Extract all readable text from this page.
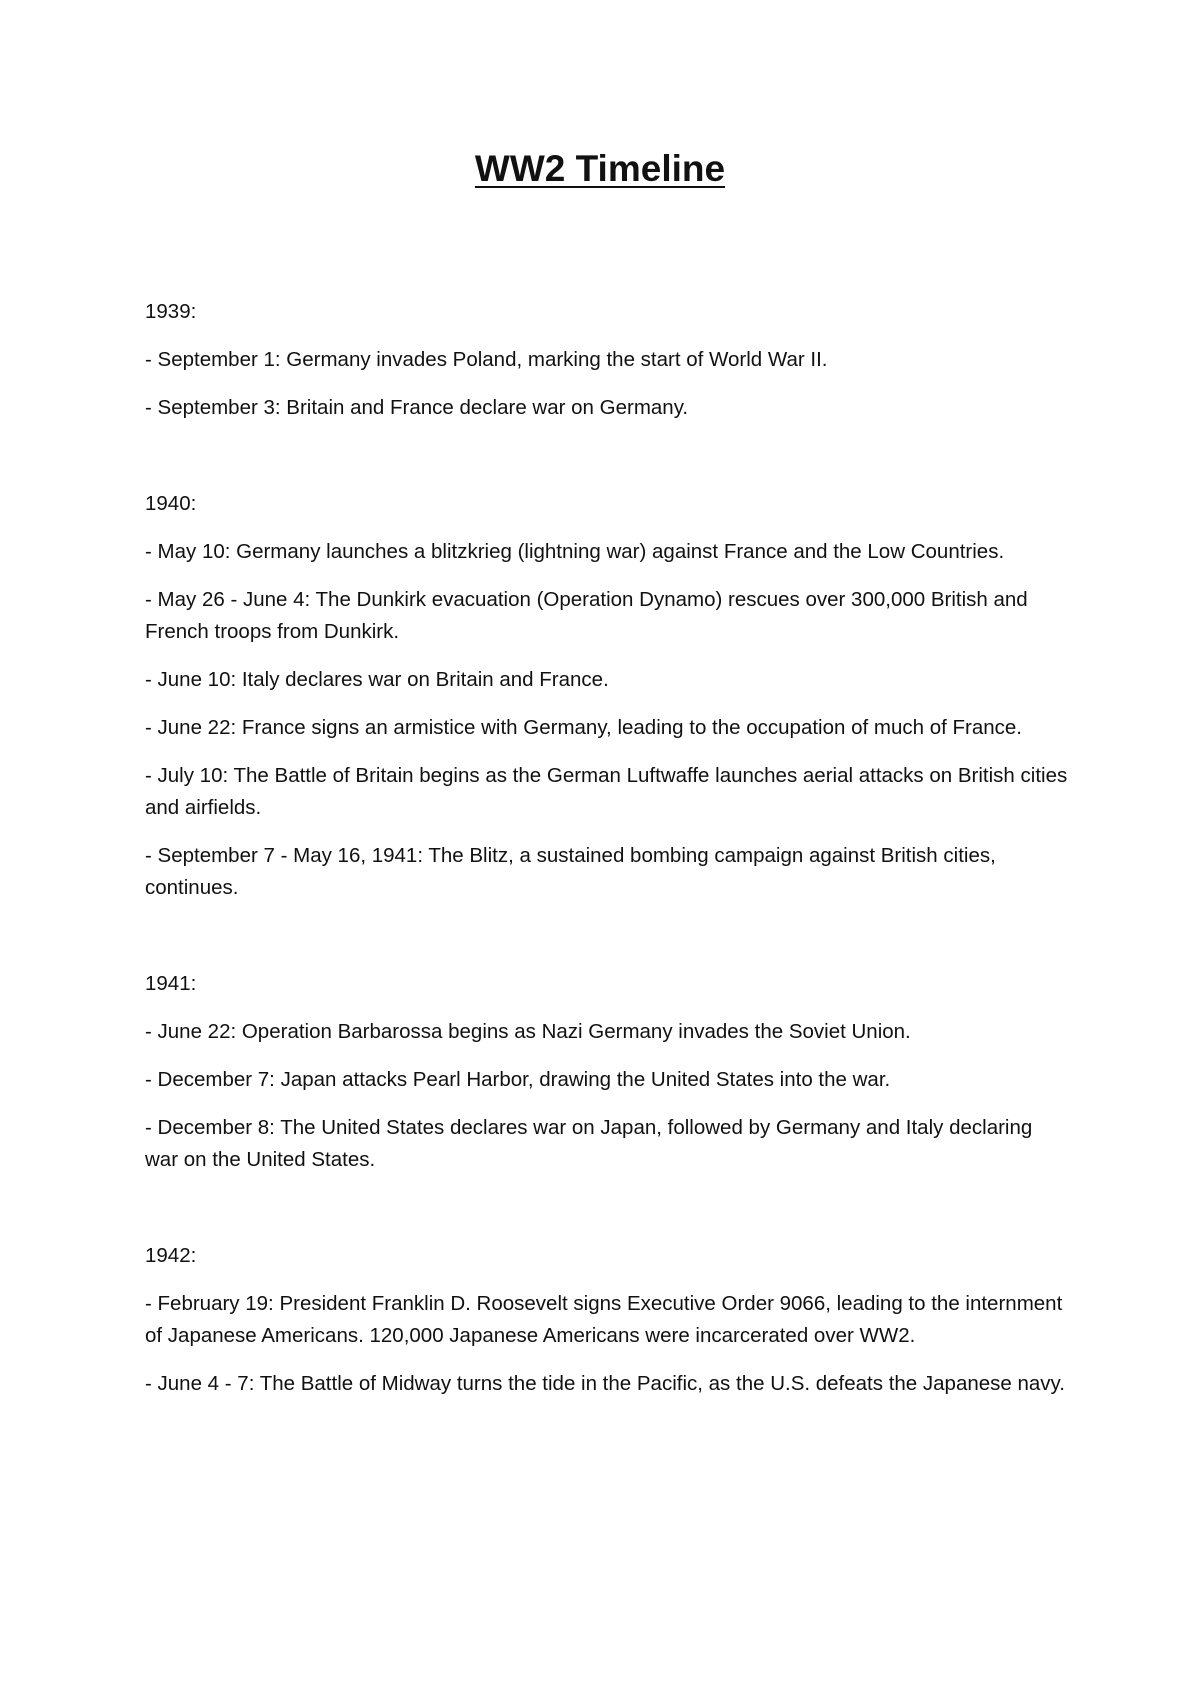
WW2 Timeline
1939:
- September 1: Germany invades Poland, marking the start of World War II.
- September 3: Britain and France declare war on Germany.
1940:
- May 10: Germany launches a blitzkrieg (lightning war) against France and the Low Countries.
- May 26 - June 4: The Dunkirk evacuation (Operation Dynamo) rescues over 300,000 British and French troops from Dunkirk.
- June 10: Italy declares war on Britain and France.
- June 22: France signs an armistice with Germany, leading to the occupation of much of France.
- July 10: The Battle of Britain begins as the German Luftwaffe launches aerial attacks on British cities and airfields.
- September 7 - May 16, 1941: The Blitz, a sustained bombing campaign against British cities, continues.
1941:
- June 22: Operation Barbarossa begins as Nazi Germany invades the Soviet Union.
- December 7: Japan attacks Pearl Harbor, drawing the United States into the war.
- December 8: The United States declares war on Japan, followed by Germany and Italy declaring war on the United States.
1942:
- February 19: President Franklin D. Roosevelt signs Executive Order 9066, leading to the internment of Japanese Americans. 120,000 Japanese Americans were incarcerated over WW2.
- June 4 - 7: The Battle of Midway turns the tide in the Pacific, as the U.S. defeats the Japanese navy.
